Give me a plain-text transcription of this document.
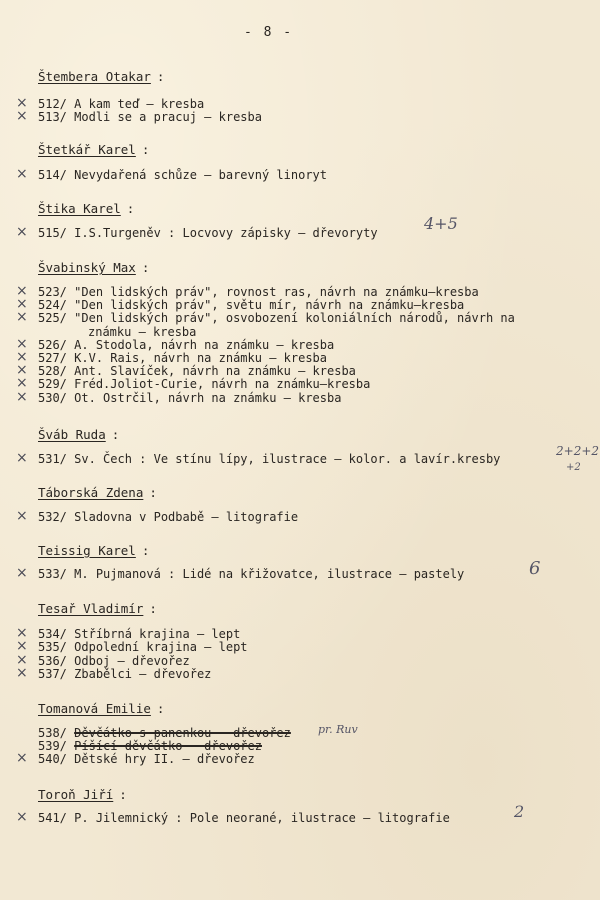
- 8 -
Štembera Otakar :
× 512/ A kam teď – kresba
× 513/ Modli se a pracuj – kresba
Štetkář Karel :
× 514/ Nevydařená schůze – barevný linoryt
Štika Karel :
× 515/ I.S.Turgeněv : Locvovy zápisky – dřevoryty	4+5
Švabinský Max :
× 523/ "Den lidských práv", rovnost ras, návrh na známku–kresba
× 524/ "Den lidských práv", světu mír, návrh na známku–kresba
× 525/ "Den lidských práv", osvobození koloniálních národů, návrh na
známku – kresba
× 526/ A. Stodola, návrh na známku – kresba
× 527/ K.V. Rais, návrh na známku – kresba
× 528/ Ant. Slavíček, návrh na známku – kresba
× 529/ Fréd.Joliot-Curie, návrh na známku–kresba
× 530/ Ot. Ostrčil, návrh na známku – kresba
Šváb Ruda :
× 531/ Sv. Čech : Ve stínu lípy, ilustrace – kolor. a lavír.kresby
2+2+2
+2
Táborská Zdena :
× 532/ Sladovna v Podbabě – litografie
Teissig Karel :
× 533/ M. Pujmanová : Lidé na křižovatce, ilustrace – pastely	6
Tesař Vladimír :
× 534/ Stříbrná krajina – lept
× 535/ Odpolední krajina – lept
× 536/ Odboj – dřevořez
× 537/ Zbabělci – dřevořez
Tomanová Emilie :
538/ Děvčátko s panenkou – dřevořez
539/ Píšící děvčátko – dřevořez
× 540/ Dětské hry II. – dřevořez
pr. Ruv
Toroň Jiří :
× 541/ P. Jilemnický : Pole neorané, ilustrace – litografie	2
